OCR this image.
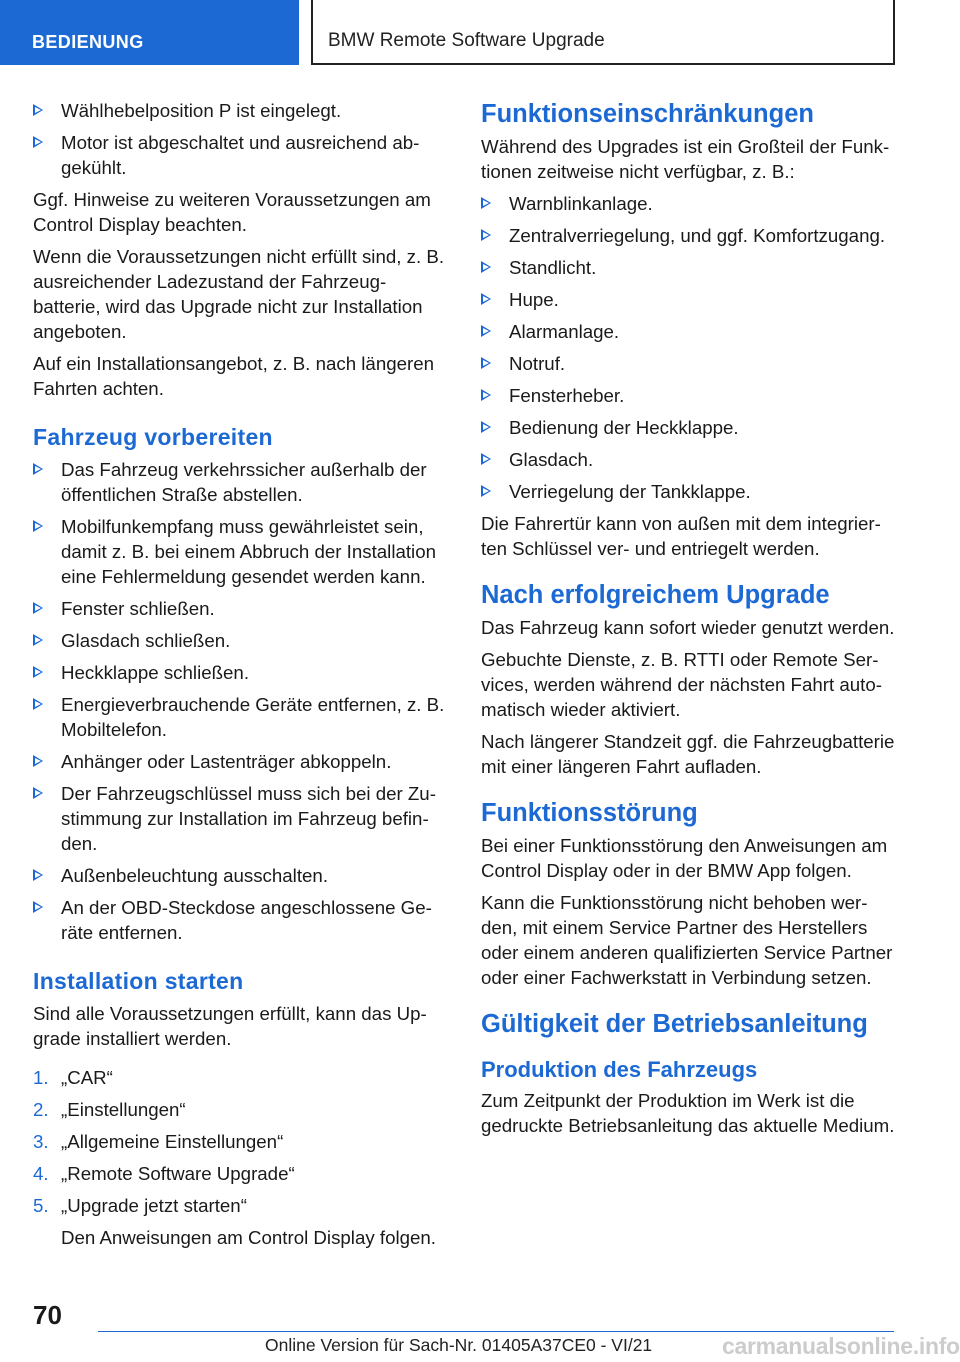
BEDIENUNG	BMW Remote Software Upgrade
Wählhebelposition P ist eingelegt.
Motor ist abgeschaltet und ausreichend abgekühlt.

Ggf. Hinweise zu weiteren Voraussetzungen am Control Display beachten.

Wenn die Voraussetzungen nicht erfüllt sind, z. B. ausreichender Ladezustand der Fahrzeugbatterie, wird das Upgrade nicht zur Installation angeboten.

Auf ein Installationsangebot, z. B. nach längeren Fahrten achten.

Fahrzeug vorbereiten
Das Fahrzeug verkehrssicher außerhalb der öffentlichen Straße abstellen.
Mobilfunkempfang muss gewährleistet sein, damit z. B. bei einem Abbruch der Installation eine Fehlermeldung gesendet werden kann.
Fenster schließen.
Glasdach schließen.
Heckklappe schließen.
Energieverbrauchende Geräte entfernen, z. B. Mobiltelefon.
Anhänger oder Lastenträger abkoppeln.
Der Fahrzeugschlüssel muss sich bei der Zustimmung zur Installation im Fahrzeug befinden.
Außenbeleuchtung ausschalten.
An der OBD-Steckdose angeschlossene Geräte entfernen.
Installation starten

Sind alle Voraussetzungen erfüllt, kann das Upgrade installiert werden.

1. „CAR“
2. „Einstellungen“
3. „Allgemeine Einstellungen“
4. „Remote Software Upgrade“
5. „Upgrade jetzt starten“

Den Anweisungen am Control Display folgen.

Funktionseinschränkungen

Während des Upgrades ist ein Großteil der Funktionen zeitweise nicht verfügbar, z. B.:

Warnblinkanlage.
Zentralverriegelung, und ggf. Komfortzugang.
Standlicht.
Hupe.
Alarmanlage.
Notruf.
Fensterheber.
Bedienung der Heckklappe.
Glasdach.
Verriegelung der Tankklappe.

Die Fahrertür kann von außen mit dem integrierten Schlüssel ver- und entriegelt werden.

Nach erfolgreichem Upgrade

Das Fahrzeug kann sofort wieder genutzt werden.

Gebuchte Dienste, z. B. RTTI oder Remote Services, werden während der nächsten Fahrt automatisch wieder aktiviert.

Nach längerer Standzeit ggf. die Fahrzeugbatterie mit einer längeren Fahrt aufladen.

Funktionsstörung

Bei einer Funktionsstörung den Anweisungen am Control Display oder in der BMW App folgen.

Kann die Funktionsstörung nicht behoben werden, mit einem Service Partner des Herstellers oder einem anderen qualifizierten Service Partner oder einer Fachwerkstatt in Verbindung setzen.

Gültigkeit der Betriebsanleitung
Produktion des Fahrzeugs

Zum Zeitpunkt der Produktion im Werk ist die gedruckte Betriebsanleitung das aktuelle Medium.

70
Online Version für Sach-Nr. 01405A37CE0 - VI/21	carmanualsonline.info
